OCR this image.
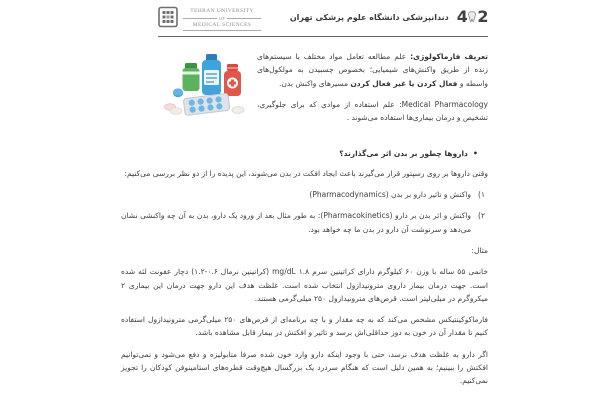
TEHRAN UNIVERSITY
OF
MEDICAL SCIENCES
دندانپزشکی دانشگاه علوم پزشکی تهران 4 2

تعریف فارماکولوژی: علم مطالعه تعامل مواد مختلف با سیستم‌های زنده از طریق واکنش‌های شیمیایی؛ بخصوص چسبیدن به مولکول‌های واسطه و فعال کردن یا غیر فعال کردن مسیرهای واکنش بدن.

Medical Pharmacology: علم استفاده از موادی که برای جلوگیری، تشخیص و درمان بیماری‌ها استفاده می‌شوند .

•
داروها چطور بر بدن اثر می‌گذارند؟

وقتی داروها بر روی رسپتور قرار می‌گیرند باعث ایجاد افکت در بدن می‌شوند، این پدیده را از دو نظر بررسی می‌کنیم:

۱)
واکنش و تاثیر دارو بر بدن (Pharmacodynamics)
۲)
واکنش و اثر بدن بر دارو (Pharmacokinetics): به طور مثال بعد از ورود یک دارو، بدن به آن چه واکنشی نشان می‌دهد و سرنوشت آن دارو در بدن ما چه خواهد بود.

مثال:

خانمی ۵۵ ساله با وزن ۶۰ کیلوگرم دارای کراتینین سرم ۱.۸ mg/dL (کراتینین نرمال ۰.۶-۱.۲) دچار عفونت لثه شده است. جهت درمان بیمار داروی مترونیدازول انتخاب شده است. غلظت هدف این دارو جهت درمان این بیماری ۲ میکروگرم در میلی‌لیتر است. قرص‌های مترونیدازول ۲۵۰ میلی‌گرمی هستند.

فارماکوکینتیکس مشخص می‌کند که به چه مقدار و با چه برنامه‌ای از قرص‌های ۲۵۰ میلی‌گرمی مترونیدازول استفاده کنیم تا مقدار آن در خون به دوز حداقلی‌اش برسد و تاثیر و افکتش در بیمار قابل مشاهده باشد.

اگر دارو به غلظت هدف نرسد، حتی با وجود اینکه دارو وارد خون شده صرفا متابولیزه و دفع می‌شود و نمی‌توانیم افکتش را ببینیم؛ به همین دلیل است که هنگام سردرد یک بزرگسال هیچ‌وقت قطره‌های استامینوفن کودکان را تجویز نمی‌کنیم.
